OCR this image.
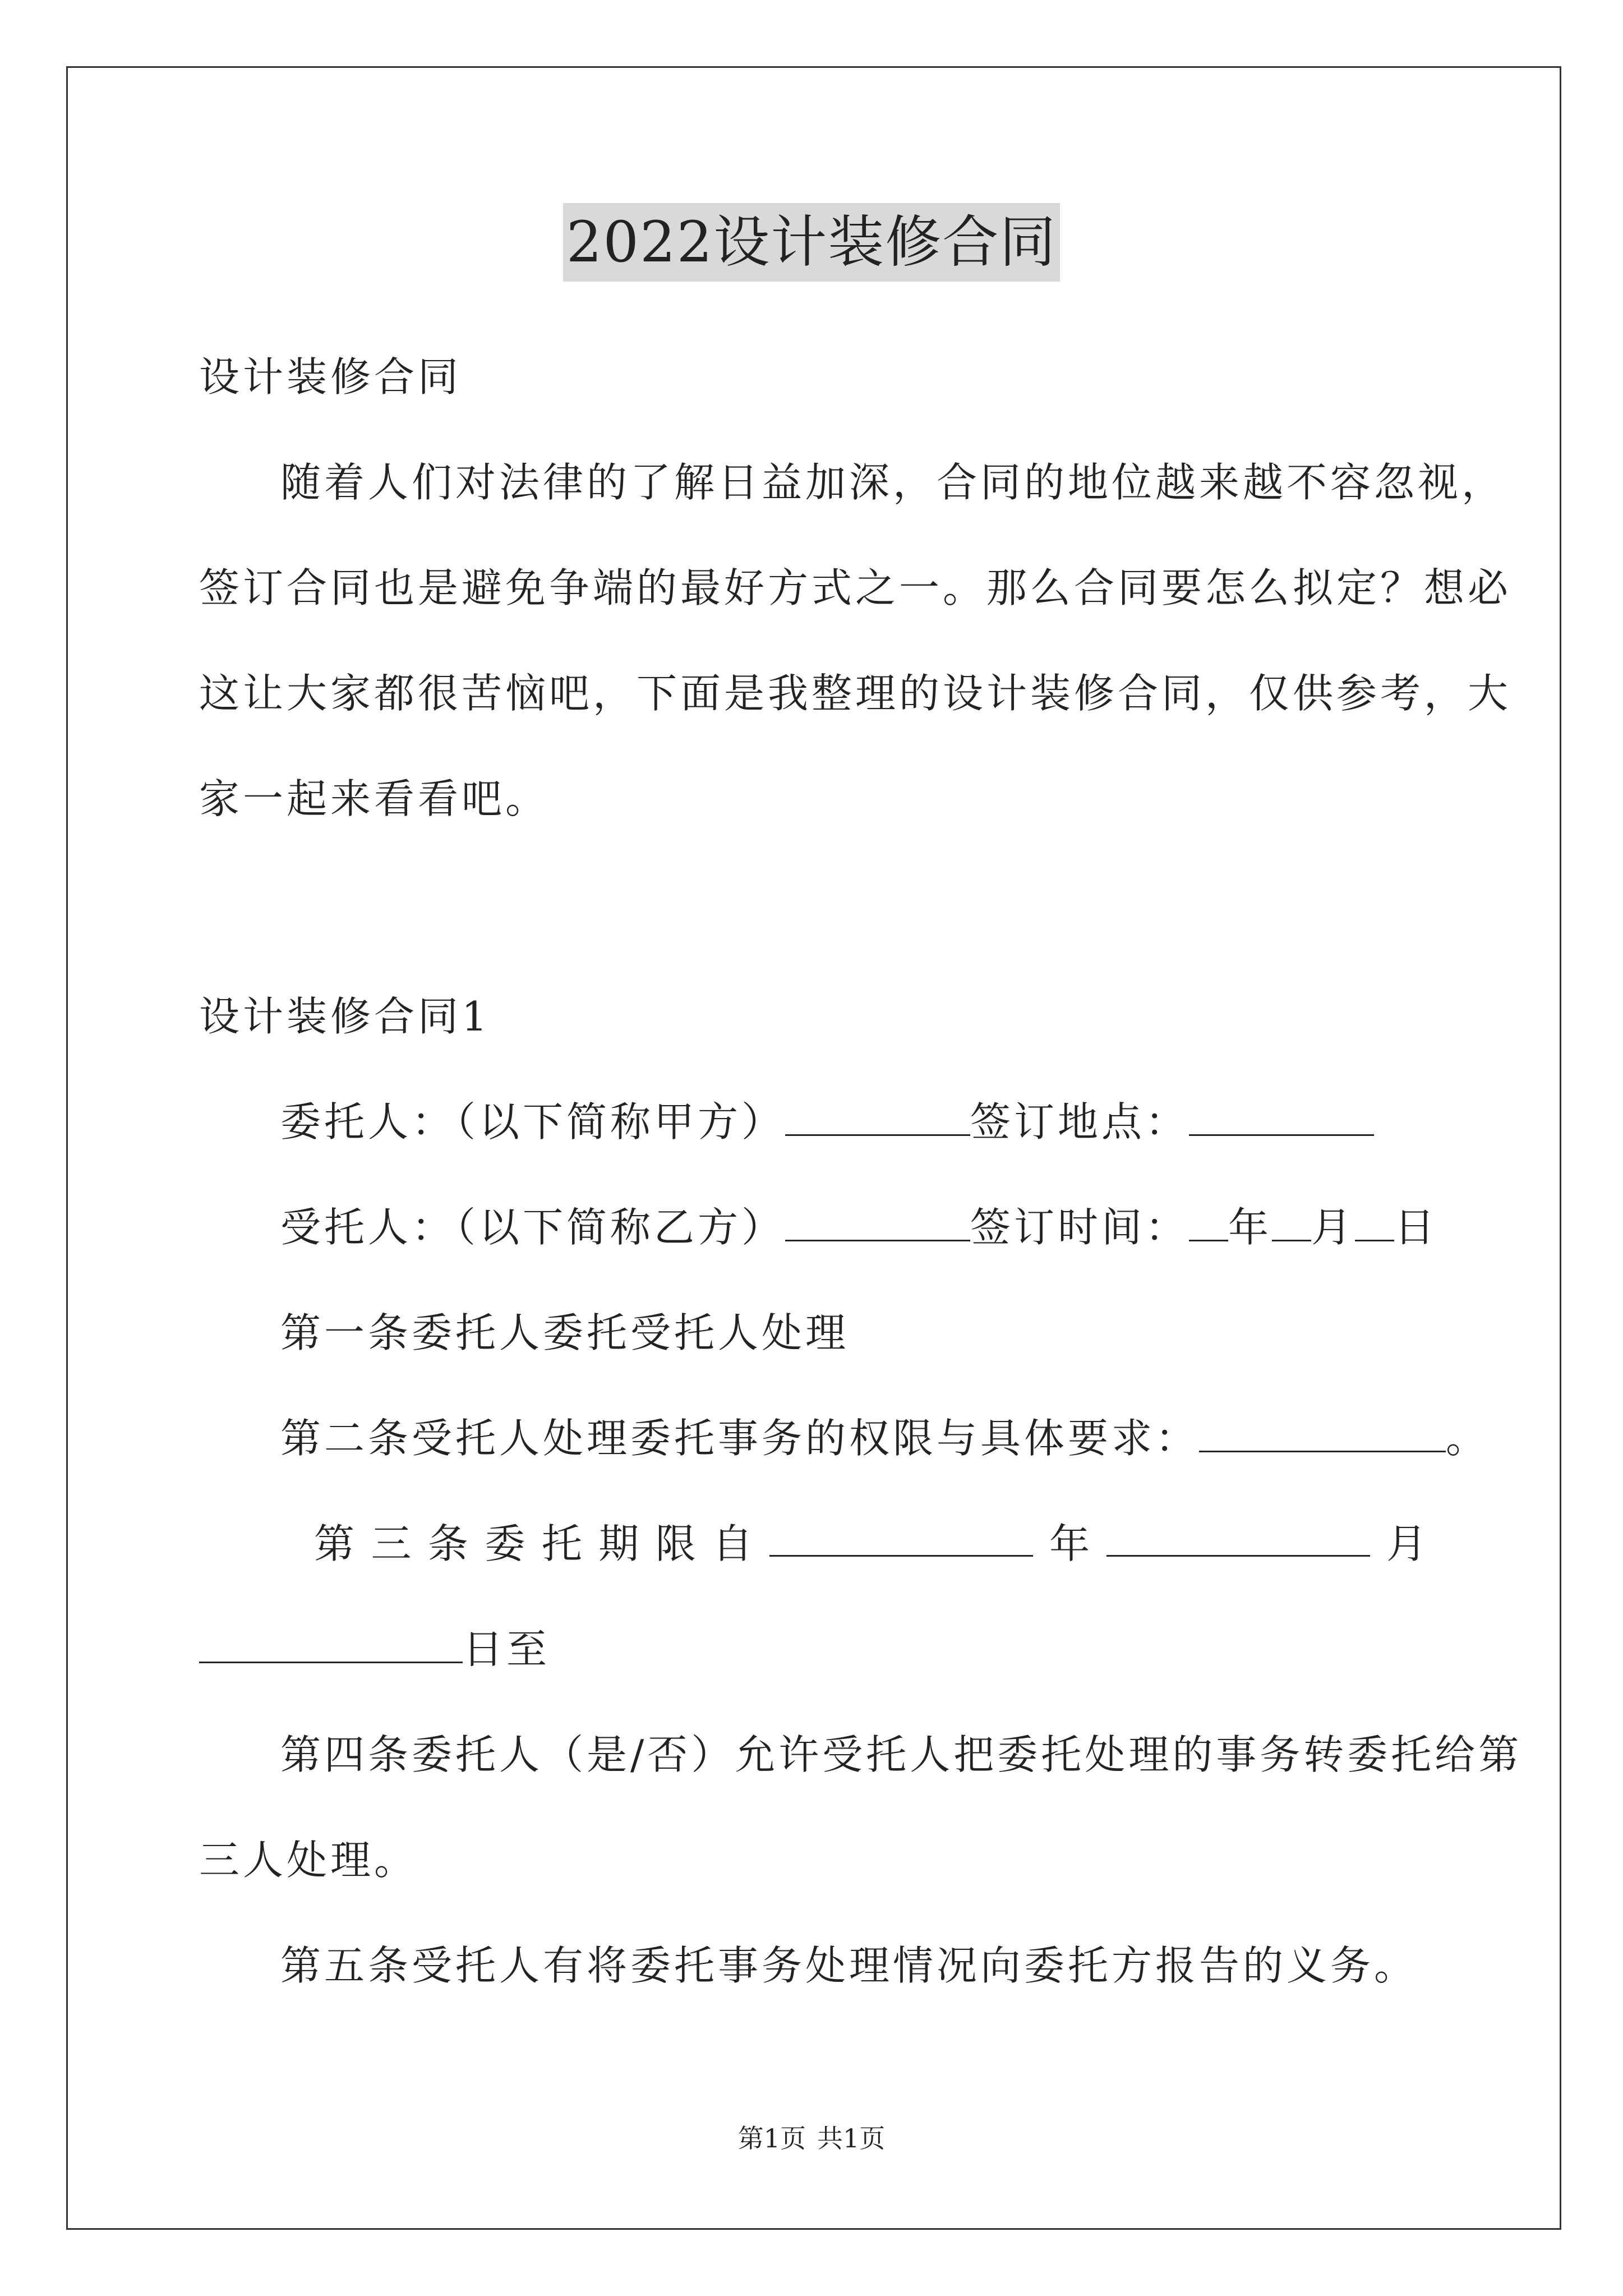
2022设计装修合同
设计装修合同
随着人们对法律的了解日益加深，合同的地位越来越不容忽视，
签订合同也是避免争端的最好方式之一。那么合同要怎么拟定？想必
这让大家都很苦恼吧，下面是我整理的设计装修合同，仅供参考，大
家一起来看看吧。
设计装修合同1
委托人：（以下简称甲方）	签订地点：
受托人：（以下简称乙方）	签订时间： 年 月 日
第一条委托人委托受托人处理
第二条受托人处理委托事务的权限与具体要求：	。
第 三 条 委 托 期 限 自	年	月
日至
第四条委托人（是/否）允许受托人把委托处理的事务转委托给第
三人处理。
第五条受托人有将委托事务处理情况向委托方报告的义务。
第1页 共1页
